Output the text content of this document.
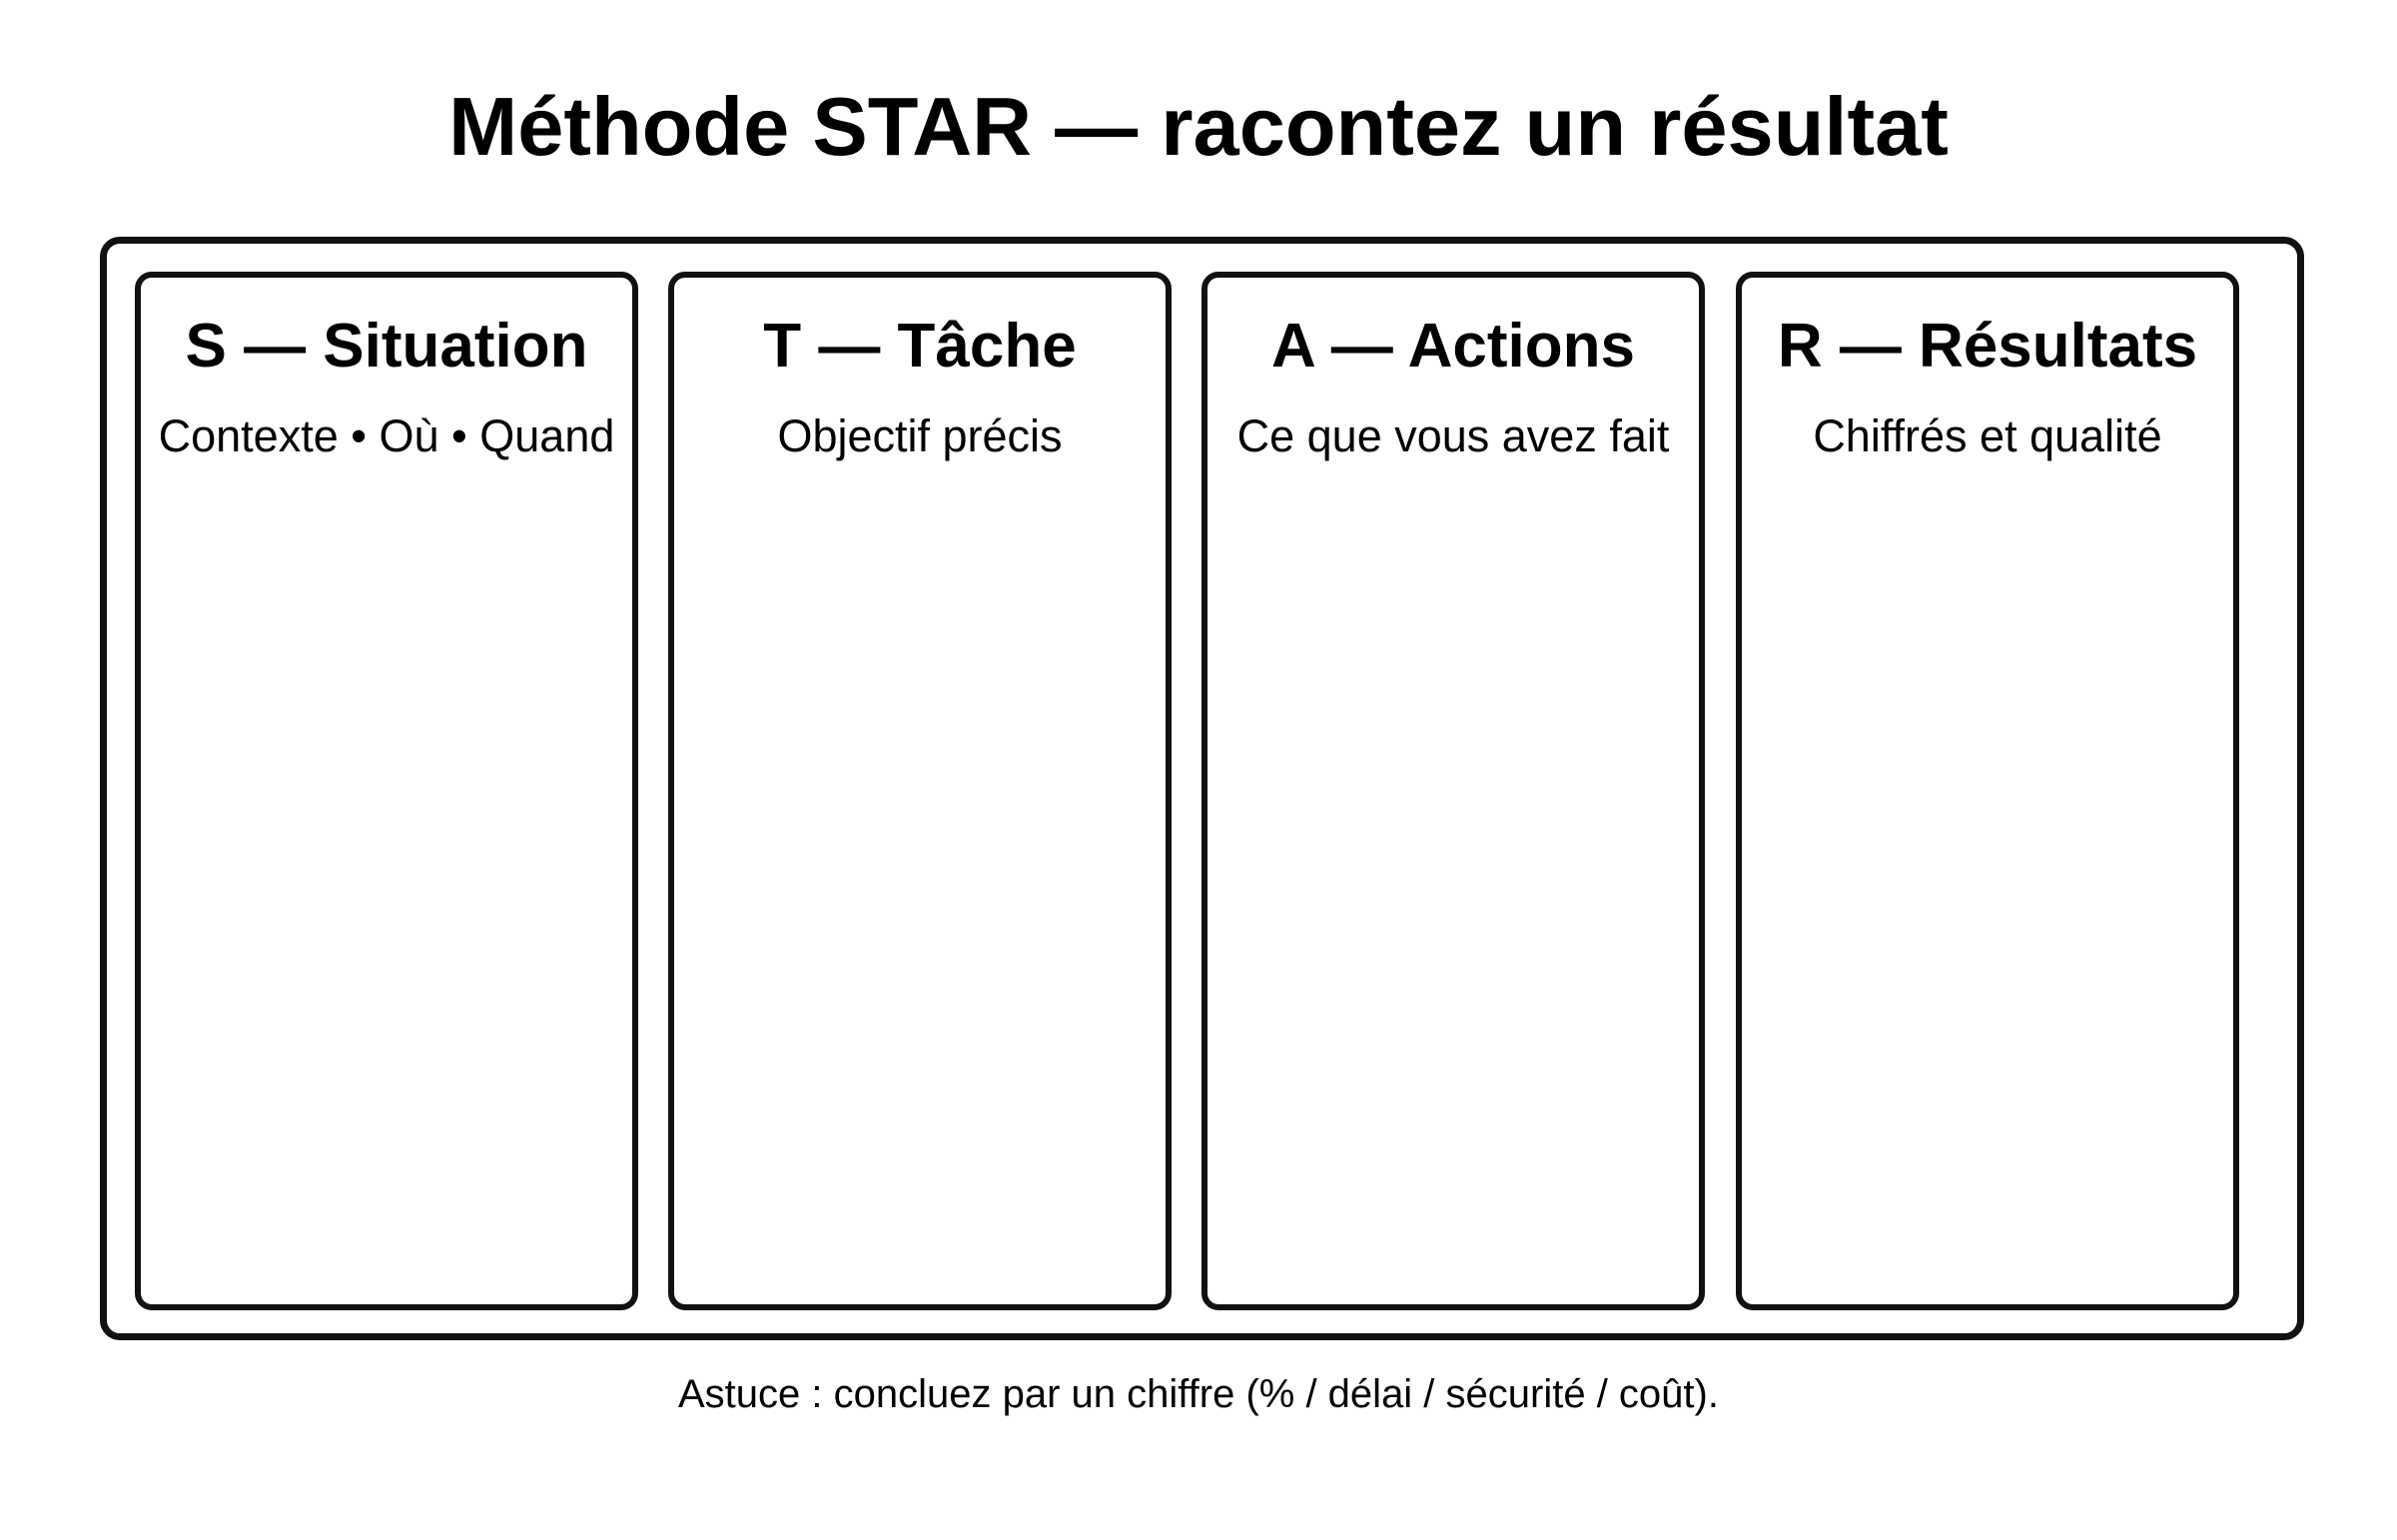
Méthode STAR — racontez un résultat
S — Situation
Contexte • Où • Quand
T — Tâche
Objectif précis
A — Actions
Ce que vous avez fait
R — Résultats
Chiffrés et qualité
Astuce : concluez par un chiffre (% / délai / sécurité / coût).
